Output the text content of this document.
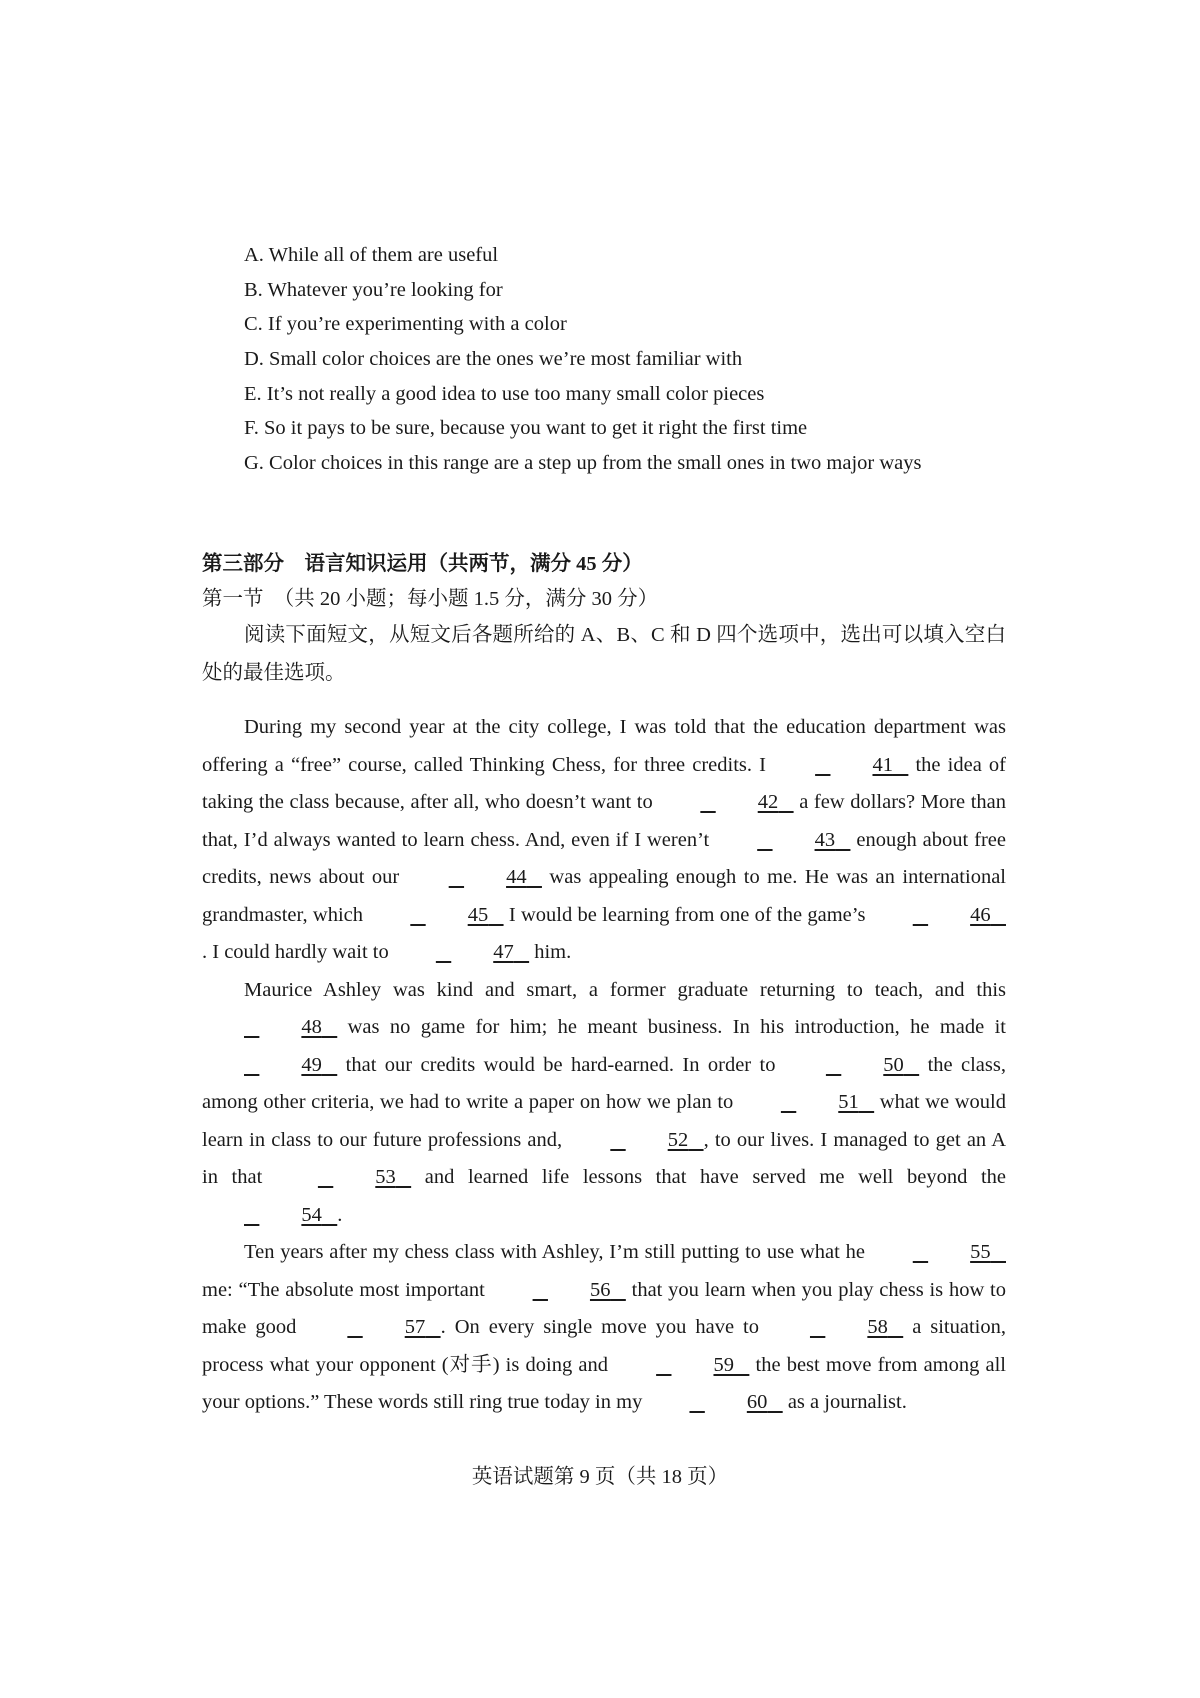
A. While all of them are useful
B. Whatever you’re looking for
C. If you’re experimenting with a color
D. Small color choices are the ones we’re most familiar with
E. It’s not really a good idea to use too many small color pieces
F. So it pays to be sure, because you want to get it right the first time
G. Color choices in this range are a step up from the small ones in two major ways
第三部分　语言知识运用（共两节，满分 45 分）
第一节　（共 20 小题；每小题 1.5 分，满分 30 分）
阅读下面短文，从短文后各题所给的 A、B、C 和 D 四个选项中，选出可以填入空白处的最佳选项。

During my second year at the city college, I was told that the education department was offering a “free” course, called Thinking Chess, for three credits. I	41    the idea of taking the class because, after all, who doesn’t want to	42    a few dollars? More than that, I’d always wanted to learn chess. And, even if I weren’t	43    enough about free credits, news about our	44    was appealing enough to me. He was an international grandmaster, which	45    I would be learning from one of the game’s	46   . I could hardly wait to	47    him.

Maurice Ashley was kind and smart, a former graduate returning to teach, and this    48    was no game for him; he meant business. In his introduction, he made it    49    that our credits would be hard-earned. In order to	50    the class, among other criteria, we had to write a paper on how we plan to	51    what we would learn in class to our future professions and,	52 , to our lives. I managed to get an A in that	53    and learned life lessons that have served me well beyond the    54 .

Ten years after my chess class with Ashley, I’m still putting to use what he	55    me: “The absolute most important	56    that you learn when you play chess is how to make good	57 . On every single move you have to	58    a situation, process what your opponent (对手) is doing and	59    the best move from among all your options.” These words still ring true today in my	60    as a journalist.

英语试题第 9 页（共 18 页）
